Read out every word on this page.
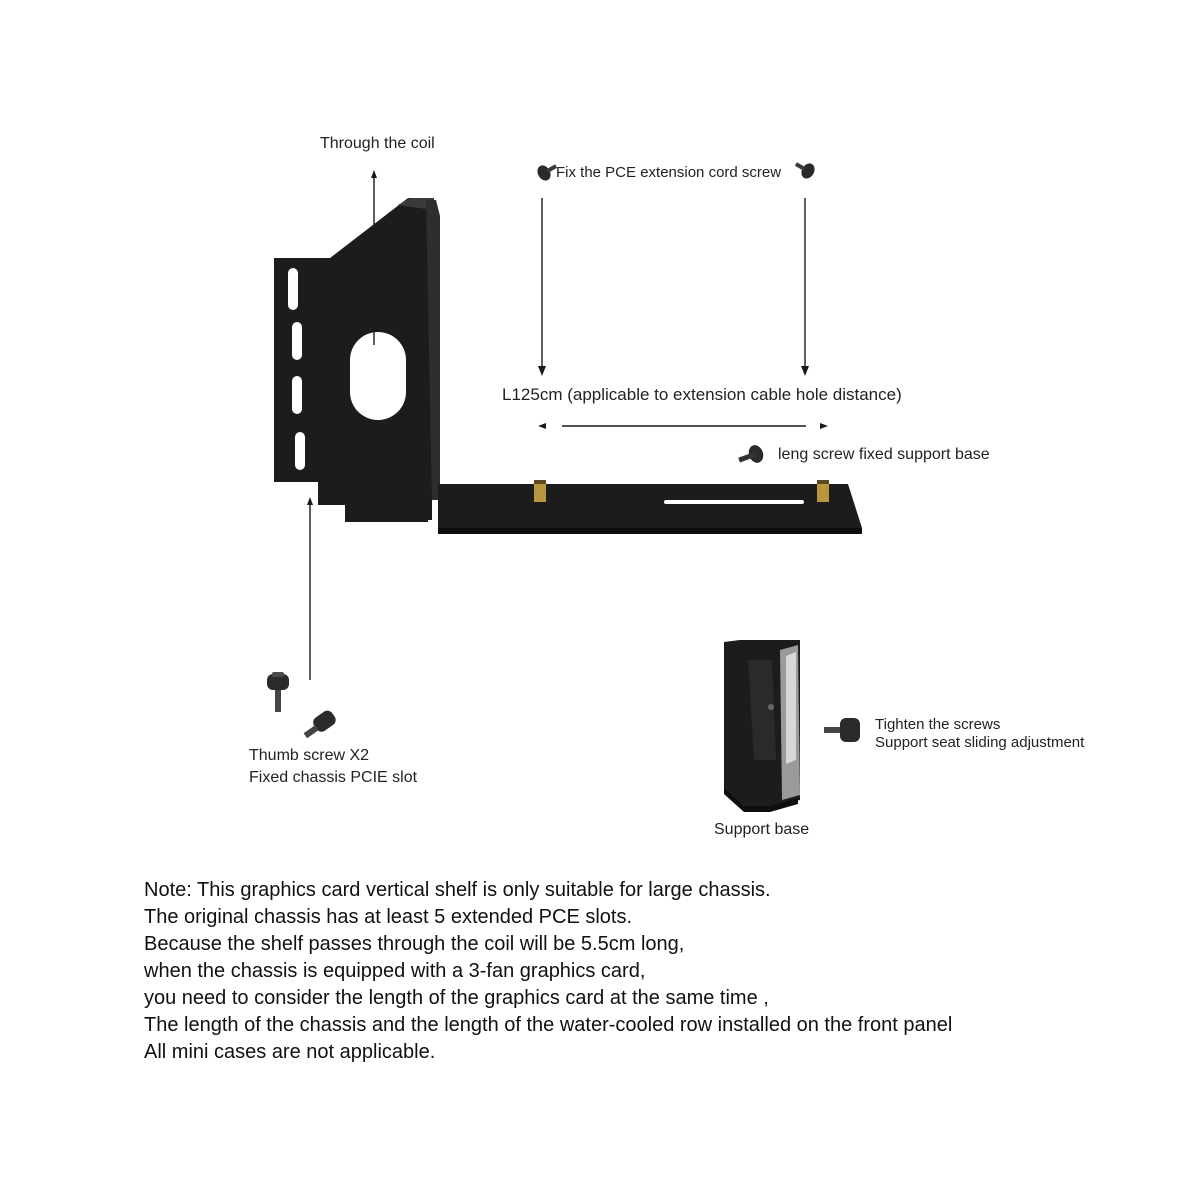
Through the coil
Fix the PCE extension cord screw
L125cm (applicable to extension cable hole distance)
leng screw fixed support base
Thumb screw X2
Fixed chassis PCIE slot
Tighten the screws
Support seat sliding adjustment
Support base
Note: This graphics card vertical shelf is only suitable for large chassis.
The original chassis has at least 5 extended PCE slots.
Because the shelf passes through the coil will be 5.5cm long,
when the chassis is equipped with a 3-fan graphics card,
you need to consider the length of the graphics card at the same time ,
The length of the chassis and the length of the water-cooled row installed on the front panel
All mini cases are not applicable.
